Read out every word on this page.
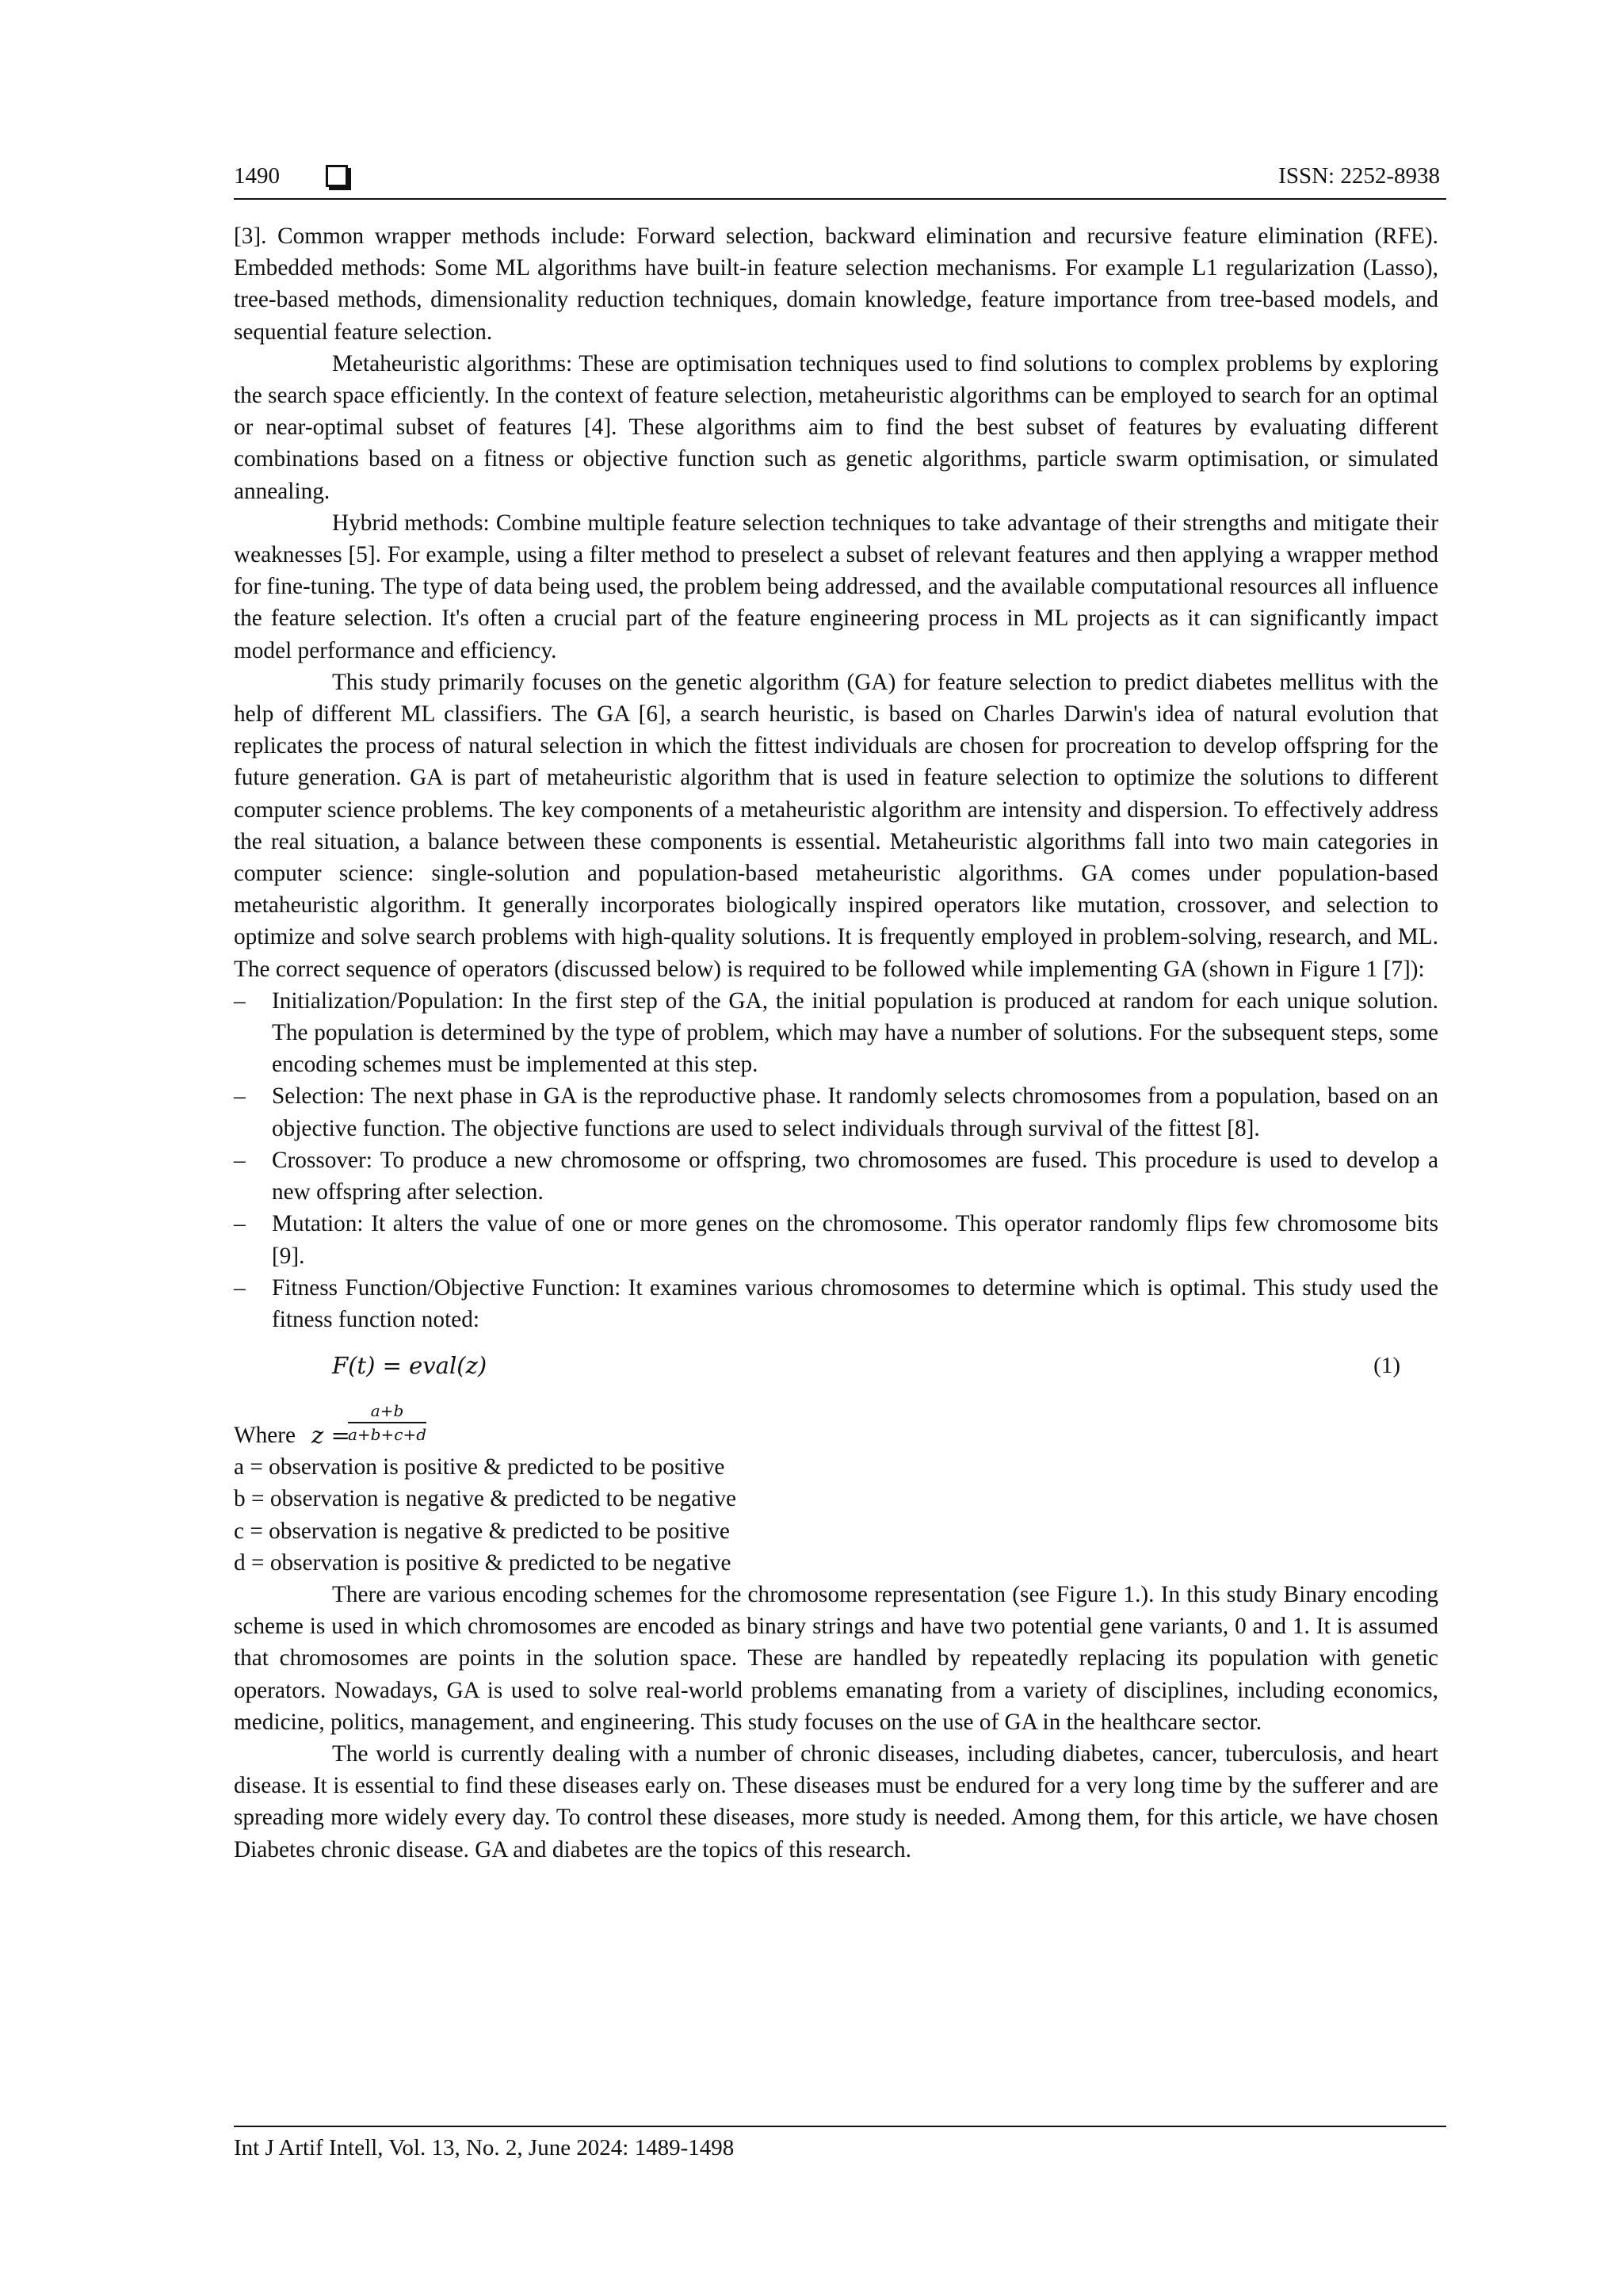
1490	ISSN: 2252-8938

[3]. Common wrapper methods include: Forward selection, backward elimination and recursive feature elimination (RFE). Embedded methods: Some ML algorithms have built-in feature selection mechanisms. For example L1 regularization (Lasso), tree-based methods, dimensionality reduction techniques, domain knowledge, feature importance from tree-based models, and sequential feature selection.

Metaheuristic algorithms: These are optimisation techniques used to find solutions to complex problems by exploring the search space efficiently. In the context of feature selection, metaheuristic algorithms can be employed to search for an optimal or near-optimal subset of features [4]. These algorithms aim to find the best subset of features by evaluating different combinations based on a fitness or objective function such as genetic algorithms, particle swarm optimisation, or simulated annealing.

Hybrid methods: Combine multiple feature selection techniques to take advantage of their strengths and mitigate their weaknesses [5]. For example, using a filter method to preselect a subset of relevant features and then applying a wrapper method for fine-tuning. The type of data being used, the problem being addressed, and the available computational resources all influence the feature selection. It's often a crucial part of the feature engineering process in ML projects as it can significantly impact model performance and efficiency.

This study primarily focuses on the genetic algorithm (GA) for feature selection to predict diabetes mellitus with the help of different ML classifiers. The GA [6], a search heuristic, is based on Charles Darwin's idea of natural evolution that replicates the process of natural selection in which the fittest individuals are chosen for procreation to develop offspring for the future generation. GA is part of metaheuristic algorithm that is used in feature selection to optimize the solutions to different computer science problems. The key components of a metaheuristic algorithm are intensity and dispersion. To effectively address the real situation, a balance between these components is essential. Metaheuristic algorithms fall into two main categories in computer science: single-solution and population-based metaheuristic algorithms. GA comes under population-based metaheuristic algorithm. It generally incorporates biologically inspired operators like mutation, crossover, and selection to optimize and solve search problems with high-quality solutions. It is frequently employed in problem-solving, research, and ML. The correct sequence of operators (discussed below) is required to be followed while implementing GA (shown in Figure 1 [7]):

– Initialization/Population: In the first step of the GA, the initial population is produced at random for each unique solution. The population is determined by the type of problem, which may have a number of solutions. For the subsequent steps, some encoding schemes must be implemented at this step.
– Selection: The next phase in GA is the reproductive phase. It randomly selects chromosomes from a population, based on an objective function. The objective functions are used to select individuals through survival of the fittest [8].
– Crossover: To produce a new chromosome or offspring, two chromosomes are fused. This procedure is used to develop a new offspring after selection.
– Mutation: It alters the value of one or more genes on the chromosome. This operator randomly flips few chromosome bits [9].
– Fitness Function/Objective Function: It examines various chromosomes to determine which is optimal. This study used the fitness function noted:
F(t) = eval(z)	(1)
Where z =
a+b
a+b+c+d

a = observation is positive & predicted to be positive

b = observation is negative & predicted to be negative

c = observation is negative & predicted to be positive

d = observation is positive & predicted to be negative

There are various encoding schemes for the chromosome representation (see Figure 1.). In this study Binary encoding scheme is used in which chromosomes are encoded as binary strings and have two potential gene variants, 0 and 1. It is assumed that chromosomes are points in the solution space. These are handled by repeatedly replacing its population with genetic operators. Nowadays, GA is used to solve real-world problems emanating from a variety of disciplines, including economics, medicine, politics, management, and engineering. This study focuses on the use of GA in the healthcare sector.

The world is currently dealing with a number of chronic diseases, including diabetes, cancer, tuberculosis, and heart disease. It is essential to find these diseases early on. These diseases must be endured for a very long time by the sufferer and are spreading more widely every day. To control these diseases, more study is needed. Among them, for this article, we have chosen Diabetes chronic disease. GA and diabetes are the topics of this research.

Int J Artif Intell, Vol. 13, No. 2, June 2024: 1489-1498
